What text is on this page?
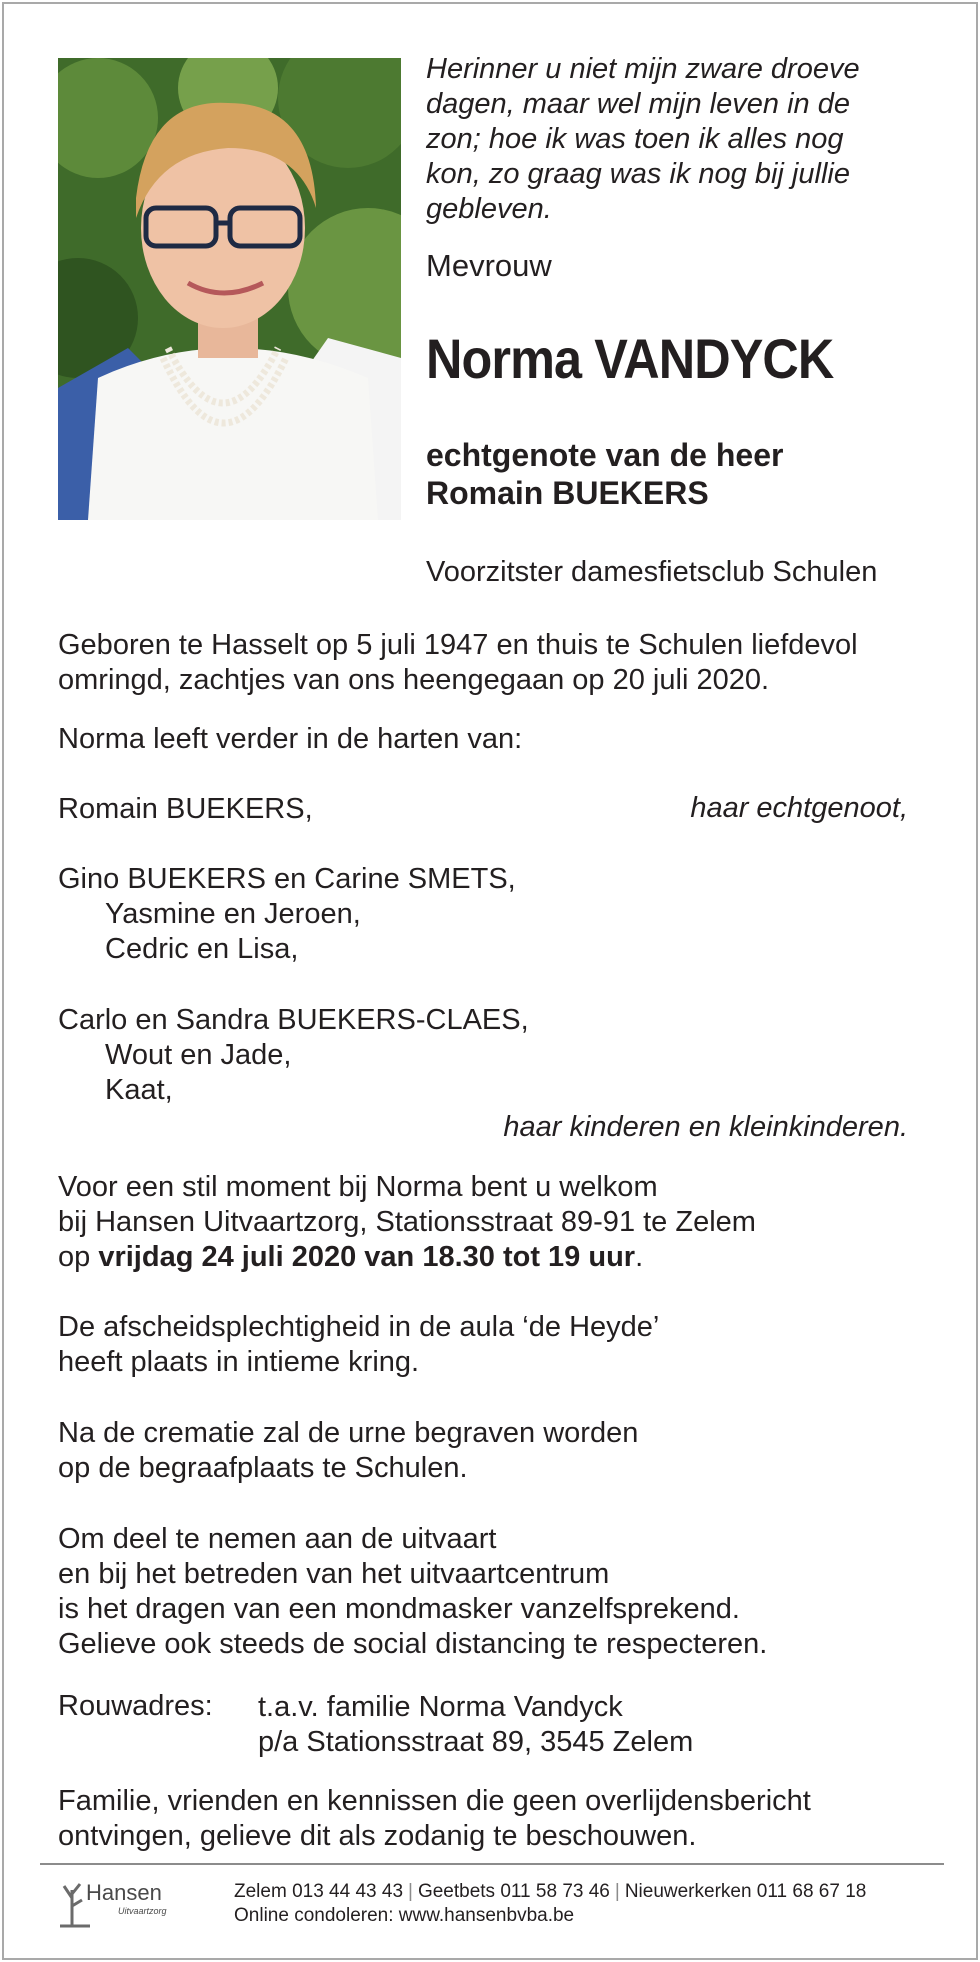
Herinner u niet mijn zware droeve
dagen, maar wel mijn leven in de
zon; hoe ik was toen ik alles nog
kon, zo graag was ik nog bij jullie
gebleven.

Mevrouw
Norma VANDYCK
echtgenote van de heer
Romain BUEKERS
Voorzitster damesfietsclub Schulen
Geboren te Hasselt op 5 juli 1947 en thuis te Schulen liefdevol
omringd, zachtjes van ons heengegaan op 20 juli 2020.
Norma leeft verder in de harten van:
Romain BUEKERS,	haar echtgenoot,
Gino BUEKERS en Carine SMETS,
Yasmine en Jeroen,
Cedric en Lisa,
Carlo en Sandra BUEKERS-CLAES,
Wout en Jade,
Kaat,
haar kinderen en kleinkinderen.
Voor een stil moment bij Norma bent u welkom
bij Hansen Uitvaartzorg, Stationsstraat 89-91 te Zelem
op vrijdag 24 juli 2020 van 18.30 tot 19 uur.
De afscheidsplechtigheid in de aula ‘de Heyde’
heeft plaats in intieme kring.
Na de crematie zal de urne begraven worden
op de begraafplaats te Schulen.
Om deel te nemen aan de uitvaart
en bij het betreden van het uitvaartcentrum
is het dragen van een mondmasker vanzelfsprekend.
Gelieve ook steeds de social distancing te respecteren.
Rouwadres: t.a.v. familie Norma Vandyck
p/a Stationsstraat 89, 3545 Zelem
Familie, vrienden en kennissen die geen overlijdensbericht
ontvingen, gelieve dit als zodanig te beschouwen.
Hansen
Uitvaartzorg
Zelem 013 44 43 43 | Geetbets 011 58 73 46 | Nieuwerkerken 011 68 67 18
Online condoleren: www.hansenbvba.be
